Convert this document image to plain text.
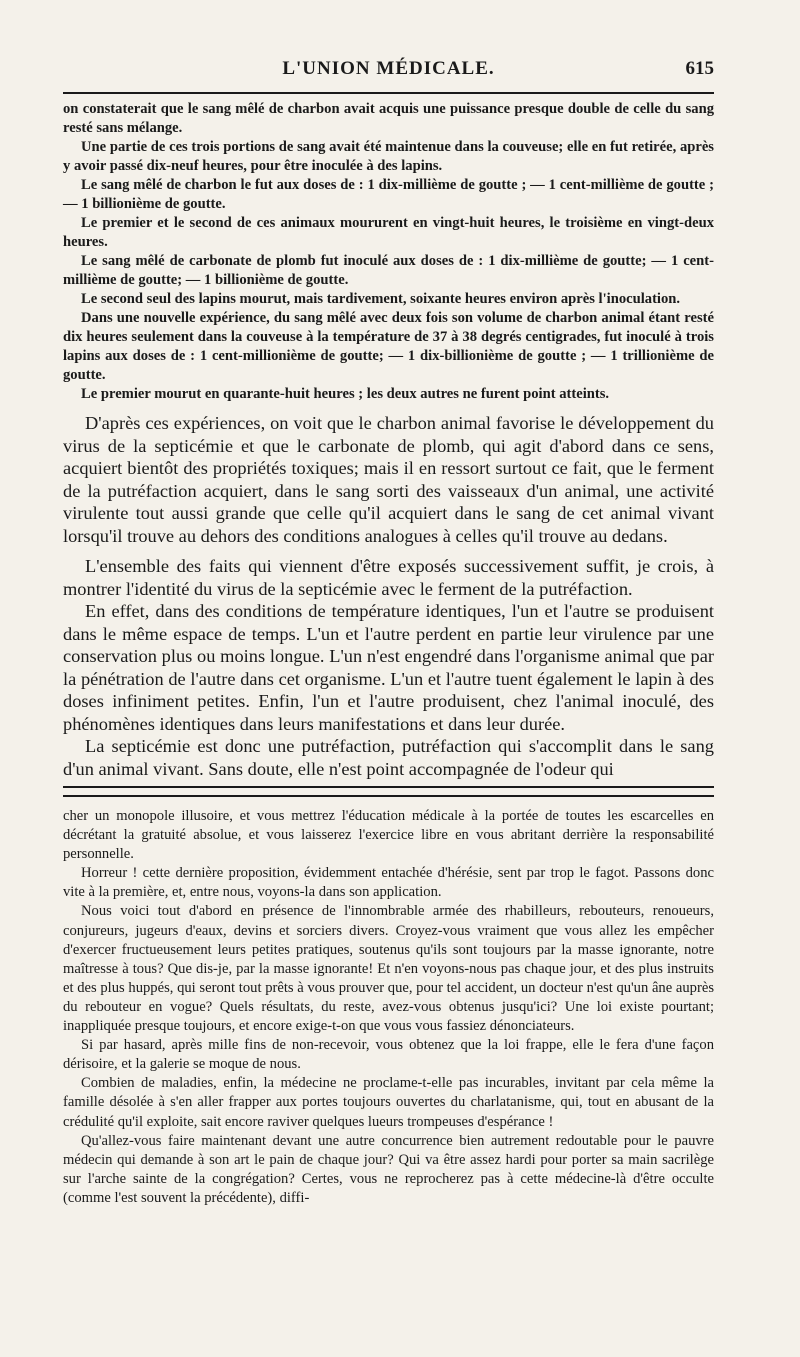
L'UNION MÉDICALE.	615

on constaterait que le sang mêlé de charbon avait acquis une puissance presque double de celle du sang resté sans mélange.

Une partie de ces trois portions de sang avait été maintenue dans la couveuse; elle en fut retirée, après y avoir passé dix-neuf heures, pour être inoculée à des lapins.

Le sang mêlé de charbon le fut aux doses de : 1 dix-millième de goutte ; — 1 cent-millième de goutte ; — 1 billionième de goutte.

Le premier et le second de ces animaux moururent en vingt-huit heures, le troisième en vingt-deux heures.

Le sang mêlé de carbonate de plomb fut inoculé aux doses de : 1 dix-millième de goutte; — 1 cent-millième de goutte; — 1 billionième de goutte.

Le second seul des lapins mourut, mais tardivement, soixante heures environ après l'inoculation.

Dans une nouvelle expérience, du sang mêlé avec deux fois son volume de charbon animal étant resté dix heures seulement dans la couveuse à la température de 37 à 38 degrés centigrades, fut inoculé à trois lapins aux doses de : 1 cent-millionième de goutte; — 1 dix-billionième de goutte ; — 1 trillionième de goutte.

Le premier mourut en quarante-huit heures ; les deux autres ne furent point atteints.

D'après ces expériences, on voit que le charbon animal favorise le développement du virus de la septicémie et que le carbonate de plomb, qui agit d'abord dans ce sens, acquiert bientôt des propriétés toxiques; mais il en ressort surtout ce fait, que le ferment de la putréfaction acquiert, dans le sang sorti des vaisseaux d'un animal, une activité virulente tout aussi grande que celle qu'il acquiert dans le sang de cet animal vivant lorsqu'il trouve au dehors des conditions analogues à celles qu'il trouve au dedans.

L'ensemble des faits qui viennent d'être exposés successivement suffit, je crois, à montrer l'identité du virus de la septicémie avec le ferment de la putréfaction.

En effet, dans des conditions de température identiques, l'un et l'autre se produisent dans le même espace de temps. L'un et l'autre perdent en partie leur virulence par une conservation plus ou moins longue. L'un n'est engendré dans l'organisme animal que par la pénétration de l'autre dans cet organisme. L'un et l'autre tuent également le lapin à des doses infiniment petites. Enfin, l'un et l'autre produisent, chez l'animal inoculé, des phénomènes identiques dans leurs manifestations et dans leur durée.

La septicémie est donc une putréfaction, putréfaction qui s'accomplit dans le sang d'un animal vivant. Sans doute, elle n'est point accompagnée de l'odeur qui

cher un monopole illusoire, et vous mettrez l'éducation médicale à la portée de toutes les escarcelles en décrétant la gratuité absolue, et vous laisserez l'exercice libre en vous abritant derrière la responsabilité personnelle.

Horreur ! cette dernière proposition, évidemment entachée d'hérésie, sent par trop le fagot. Passons donc vite à la première, et, entre nous, voyons-la dans son application.

Nous voici tout d'abord en présence de l'innombrable armée des rhabilleurs, rebouteurs, renoueurs, conjureurs, jugeurs d'eaux, devins et sorciers divers. Croyez-vous vraiment que vous allez les empêcher d'exercer fructueusement leurs petites pratiques, soutenus qu'ils sont toujours par la masse ignorante, notre maîtresse à tous? Que dis-je, par la masse ignorante! Et n'en voyons-nous pas chaque jour, et des plus instruits et des plus huppés, qui seront tout prêts à vous prouver que, pour tel accident, un docteur n'est qu'un âne auprès du rebouteur en vogue? Quels résultats, du reste, avez-vous obtenus jusqu'ici? Une loi existe pourtant; inappliquée presque toujours, et encore exige-t-on que vous vous fassiez dénonciateurs.

Si par hasard, après mille fins de non-recevoir, vous obtenez que la loi frappe, elle le fera d'une façon dérisoire, et la galerie se moque de nous.

Combien de maladies, enfin, la médecine ne proclame-t-elle pas incurables, invitant par cela même la famille désolée à s'en aller frapper aux portes toujours ouvertes du charlatanisme, qui, tout en abusant de la crédulité qu'il exploite, sait encore raviver quelques lueurs trompeuses d'espérance !

Qu'allez-vous faire maintenant devant une autre concurrence bien autrement redoutable pour le pauvre médecin qui demande à son art le pain de chaque jour? Qui va être assez hardi pour porter sa main sacrilège sur l'arche sainte de la congrégation? Certes, vous ne reprocherez pas à cette médecine-là d'être occulte (comme l'est souvent la précédente), diffi-
